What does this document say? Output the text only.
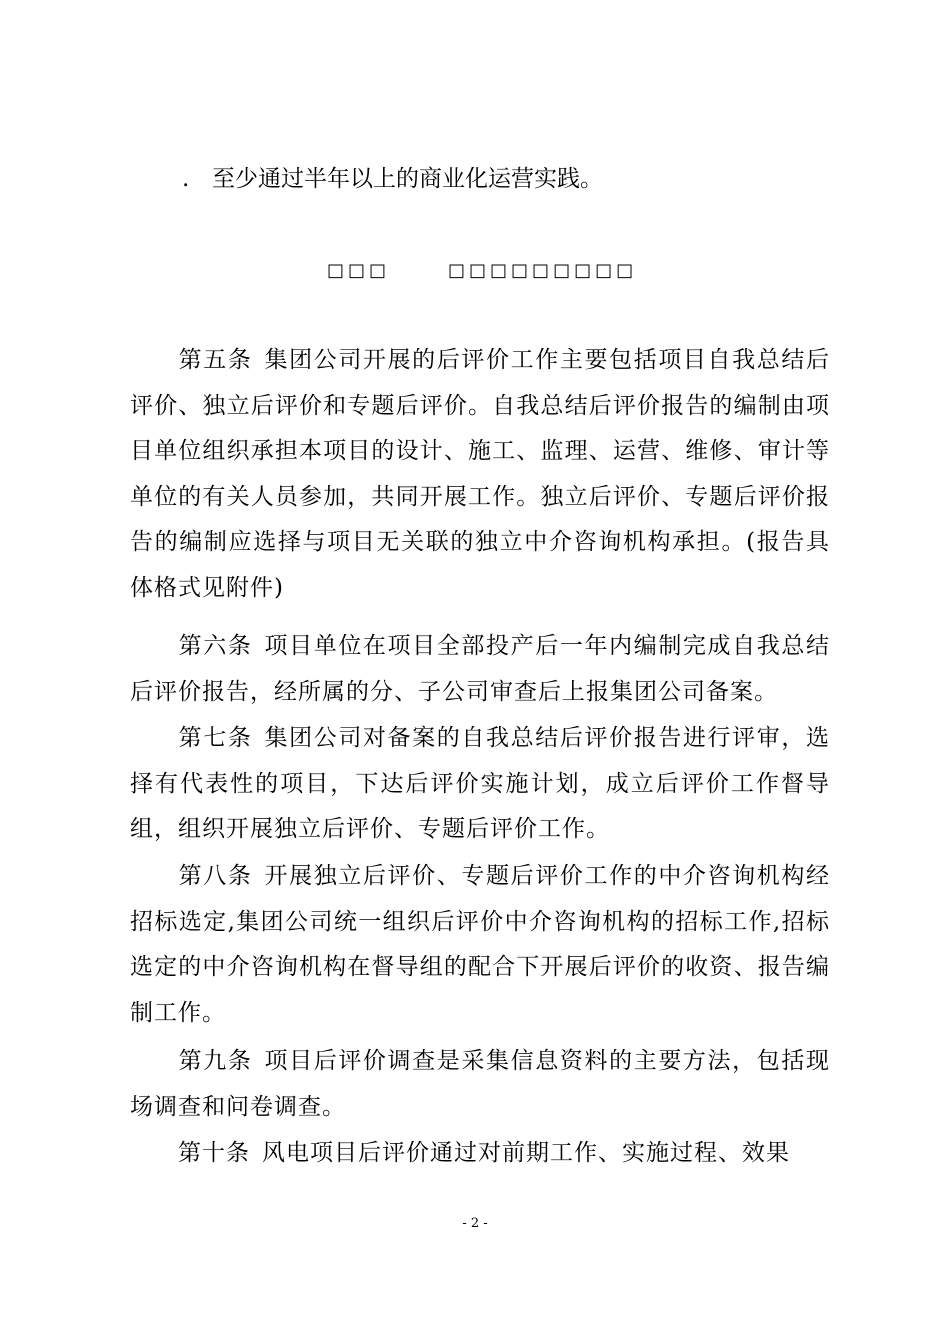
. 至少通过半年以上的商业化运营实践。
□□□	□□□□□□□□□
第五条 集团公司开展的后评价工作主要包括项目自我总结后评价、独立后评价和专题后评价。自我总结后评价报告的编制由项目单位组织承担本项目的设计、施工、监理、运营、维修、审计等单位的有关人员参加，共同开展工作。独立后评价、专题后评价报告的编制应选择与项目无关联的独立中介咨询机构承担。(报告具体格式见附件)
第六条 项目单位在项目全部投产后一年内编制完成自我总结后评价报告，经所属的分、子公司审查后上报集团公司备案。
第七条 集团公司对备案的自我总结后评价报告进行评审，选择有代表性的项目，下达后评价实施计划，成立后评价工作督导组，组织开展独立后评价、专题后评价工作。
第八条 开展独立后评价、专题后评价工作的中介咨询机构经招标选定,集团公司统一组织后评价中介咨询机构的招标工作,招标选定的中介咨询机构在督导组的配合下开展后评价的收资、报告编制工作。
第九条 项目后评价调查是采集信息资料的主要方法，包括现场调查和问卷调查。
第十条 风电项目后评价通过对前期工作、实施过程、效果
- 2 -
